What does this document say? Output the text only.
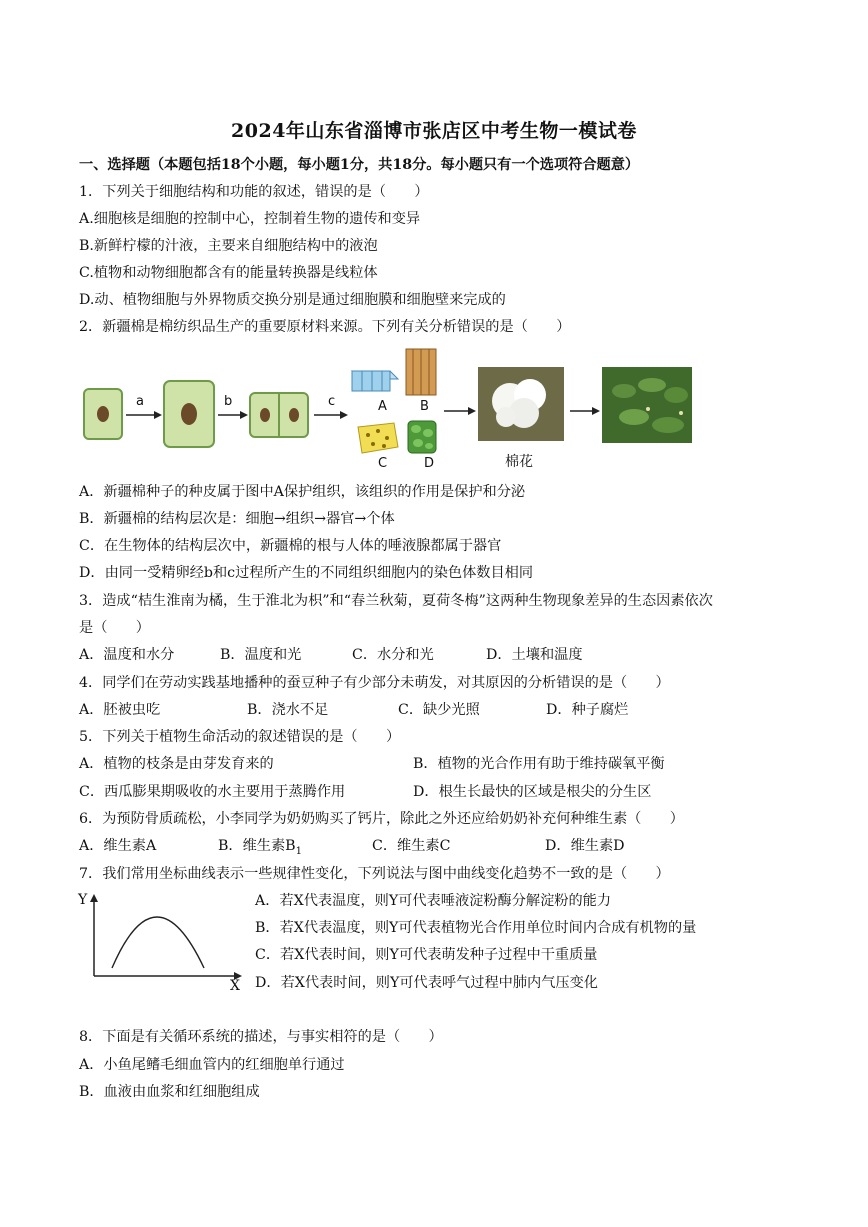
2024年山东省淄博市张店区中考生物一模试卷
一、选择题（本题包括18个小题，每小题1分，共18分。每小题只有一个选项符合题意）
1．下列关于细胞结构和功能的叙述，错误的是（　　）
A.细胞核是细胞的控制中心，控制着生物的遗传和变异
B.新鲜柠檬的汁液，主要来自细胞结构中的液泡
C.植物和动物细胞都含有的能量转换器是线粒体
D.动、植物细胞与外界物质交换分别是通过细胞膜和细胞壁来完成的
2．新疆棉是棉纺织品生产的重要原材料来源。下列有关分析错误的是（　　）
a	b	c	A	B
C	D	棉花
A．新疆棉种子的种皮属于图中A保护组织，该组织的作用是保护和分泌
B．新疆棉的结构层次是：细胞→组织→器官→个体
C．在生物体的结构层次中，新疆棉的根与人体的唾液腺都属于器官
D．由同一受精卵经b和c过程所产生的不同组织细胞内的染色体数目相同
3．造成“桔生淮南为橘，生于淮北为枳”和“春兰秋菊，夏荷冬梅”这两种生物现象差异的生态因素依次
是（　　）
A．温度和水分	B．温度和光	C．水分和光	D．土壤和温度
4．同学们在劳动实践基地播种的蚕豆种子有少部分未萌发，对其原因的分析错误的是（　　）
A．胚被虫吃	B．浇水不足	C．缺少光照	D．种子腐烂
5．下列关于植物生命活动的叙述错误的是（　　）
A．植物的枝条是由芽发育来的	B．植物的光合作用有助于维持碳氧平衡
C．西瓜膨果期吸收的水主要用于蒸腾作用	D．根生长最快的区域是根尖的分生区
6．为预防骨质疏松，小李同学为奶奶购买了钙片，除此之外还应给奶奶补充何种维生素（　　）
A．维生素A	B．维生素$B_1$	C．维生素C	D．维生素D
7．我们常用坐标曲线表示一些规律性变化，下列说法与图中曲线变化趋势不一致的是（　　）
Y
X
A．若X代表温度，则Y可代表唾液淀粉酶分解淀粉的能力
B．若X代表温度，则Y可代表植物光合作用单位时间内合成有机物的量
C．若X代表时间，则Y可代表萌发种子过程中干重质量
D．若X代表时间，则Y可代表呼气过程中肺内气压变化
8．下面是有关循环系统的描述，与事实相符的是（　　）
A．小鱼尾鳍毛细血管内的红细胞单行通过
B．血液由血浆和红细胞组成
